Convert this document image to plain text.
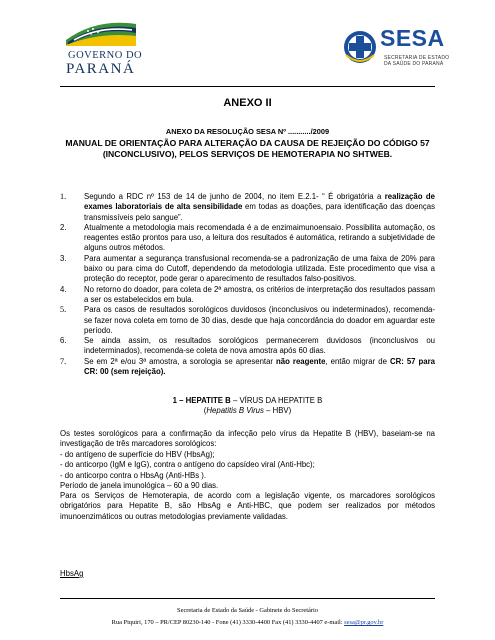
GOVERNO DO
PARANÁ
SESA
SECRETARIA DE ESTADO
DA SAÚDE DO PARANÁ
ANEXO II
ANEXO DA RESOLUÇÃO SESA Nº .........../2009
MANUAL DE ORIENTAÇÃO PARA ALTERAÇÃO DA CAUSA DE REJEIÇÃO DO CÓDIGO 57 (INCONCLUSIVO), PELOS SERVIÇOS DE HEMOTERAPIA NO SHTWEB.
1. Segundo a RDC nº 153 de 14 de junho de 2004, no item E.2.1- “ É obrigatória a realização de exames laboratoriais de alta sensibilidade em todas as doações, para identificação das doenças transmissíveis pelo sangue”.
2. Atualmente a metodologia mais recomendada é a de enzimaimunoensaio. Possibilita automação, os reagentes estão prontos para uso, a leitura dos resultados é automática, retirando a subjetividade de alguns outros métodos.
3. Para aumentar a segurança transfusional recomenda-se a padronização de uma faixa de 20% para baixo ou para cima do Cutoff, dependendo da metodologia utilizada. Este procedimento que visa a proteção do receptor, pode gerar o aparecimento de resultados falso-positivos.
4. No retorno do doador, para coleta de 2ª amostra, os critérios de interpretação dos resultados passam a ser os estabelecidos em bula.
5. Para os casos de resultados sorológicos duvidosos (inconclusivos ou indeterminados), recomenda-se fazer nova coleta em torno de 30 dias, desde que haja concordância do doador em aguardar este período.
6. Se ainda assim, os resultados sorológicos permanecerem duvidosos (inconclusivos ou indeterminados), recomenda-se coleta de nova amostra após 60 dias.
7. Se em 2ª e/ou 3ª amostra, a sorologia se apresentar não reagente, então migrar de CR: 57 para CR: 00 (sem rejeição).
1 – HEPATITE B – VÍRUS DA HEPATITE B
(Hepatitis B Virus – HBV)
Os testes sorológicos para a confirmação da infecção pelo vírus da Hepatite B (HBV), baseiam-se na investigação de três marcadores sorológicos:
- do antígeno de superfície do HBV (HbsAg);
- do anticorpo (IgM e IgG), contra o antígeno do capsídeo viral (Anti-Hbc);
- do anticorpo contra o HbsAg (Anti-HBs ).
Período de janela imunológica – 60 a 90 dias.
Para os Serviços de Hemoterapia, de acordo com a legislação vigente, os marcadores sorológicos obrigatórios para Hepatite B, são HbsAg e Anti-HBC, que podem ser realizados por métodos imunoenzimáticos ou outras metodologias previamente validadas.
HbsAg
Secretaria de Estado da Saúde - Gabinete do Secretário
Rua Piquiri, 170 – PR/CEP 80230-140 - Fone (41) 3330-4400 Fax (41) 3330-4407 e-mail: sesa@pr.gov.br
